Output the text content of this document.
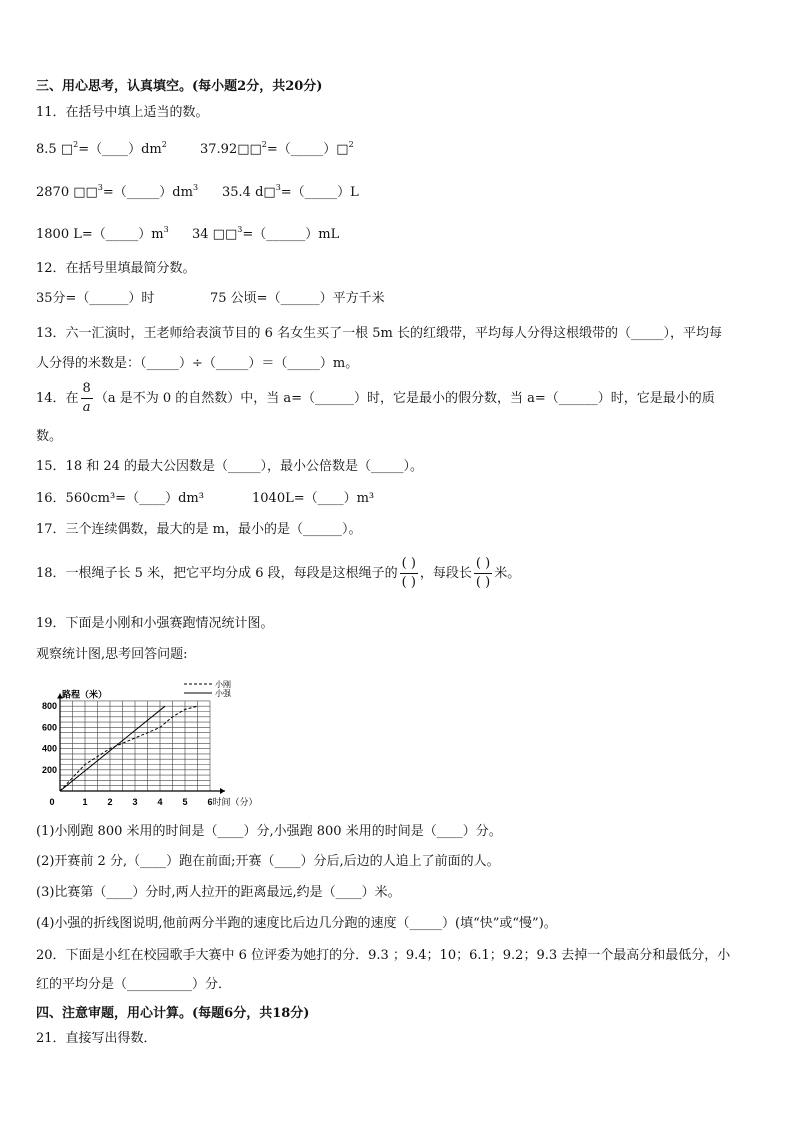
三、用心思考，认真填空。(每小题2分，共20分)
11．在括号中填上适当的数。
8.5 $□^2=(\_\_\_\_)dm^2$	37.92□□$^2$=（_____）□$^2$
2870 $□□^3=(\_\_\_\_\_)dm^3$ 35.4 d□$^3$=（_____）L
1800 $L=(\_\_\_\_\_)m^3$ 34 □□$^3$=（______）mL
12．在括号里填最简分数。
35分=（______）时	75 公顷=（______）平方千米
13．六一汇演时，王老师给表演节目的 6 名女生买了一根 5m 长的红缎带，平均每人分得这根缎带的（_____），平均每
人分得的米数是：（_____）÷（_____）＝（_____）m。
14．在 $\frac{8}{a} (a$ 是不为 0 的自然数）中，当 a=（______）时，它是最小的假分数，当 a=（______）时，它是最小的质
数。
15．18 和 24 的最大公因数是（_____），最小公倍数是（_____）。
16．560cm³=（____）dm³	1040L=（____）m³
17．三个连续偶数，最大的是 m，最小的是（______）。
18．一根绳子长 5 米，把它平均分成 6 段，每段是这根绳子的 $\frac{( )}{( )}$ ，每段长 $\frac{( )}{( )}$ 米。
19．下面是小刚和小强赛跑情况统计图。
观察统计图,思考回答问题:
0	1 2 3 4 5 6
200
400
600
800
路程（米）
时间（分）
小刚
小强
(1)小刚跑 800 米用的时间是（____）分,小强跑 800 米用的时间是（____）分。
(2)开赛前 2 分,（____）跑在前面;开赛（____）分后,后边的人追上了前面的人。
(3)比赛第（____）分时,两人拉开的距离最远,约是（____）米。
(4)小强的折线图说明,他前两分半跑的速度比后边几分跑的速度（_____）(填“快”或“慢”)。
20．下面是小红在校园歌手大赛中 6 位评委为她打的分．9.3 ；9.4；10；6.1；9.2；9.3 去掉一个最高分和最低分，小
红的平均分是（__________）分．
四、注意审题，用心计算。(每题6分，共18分)
21．直接写出得数．
